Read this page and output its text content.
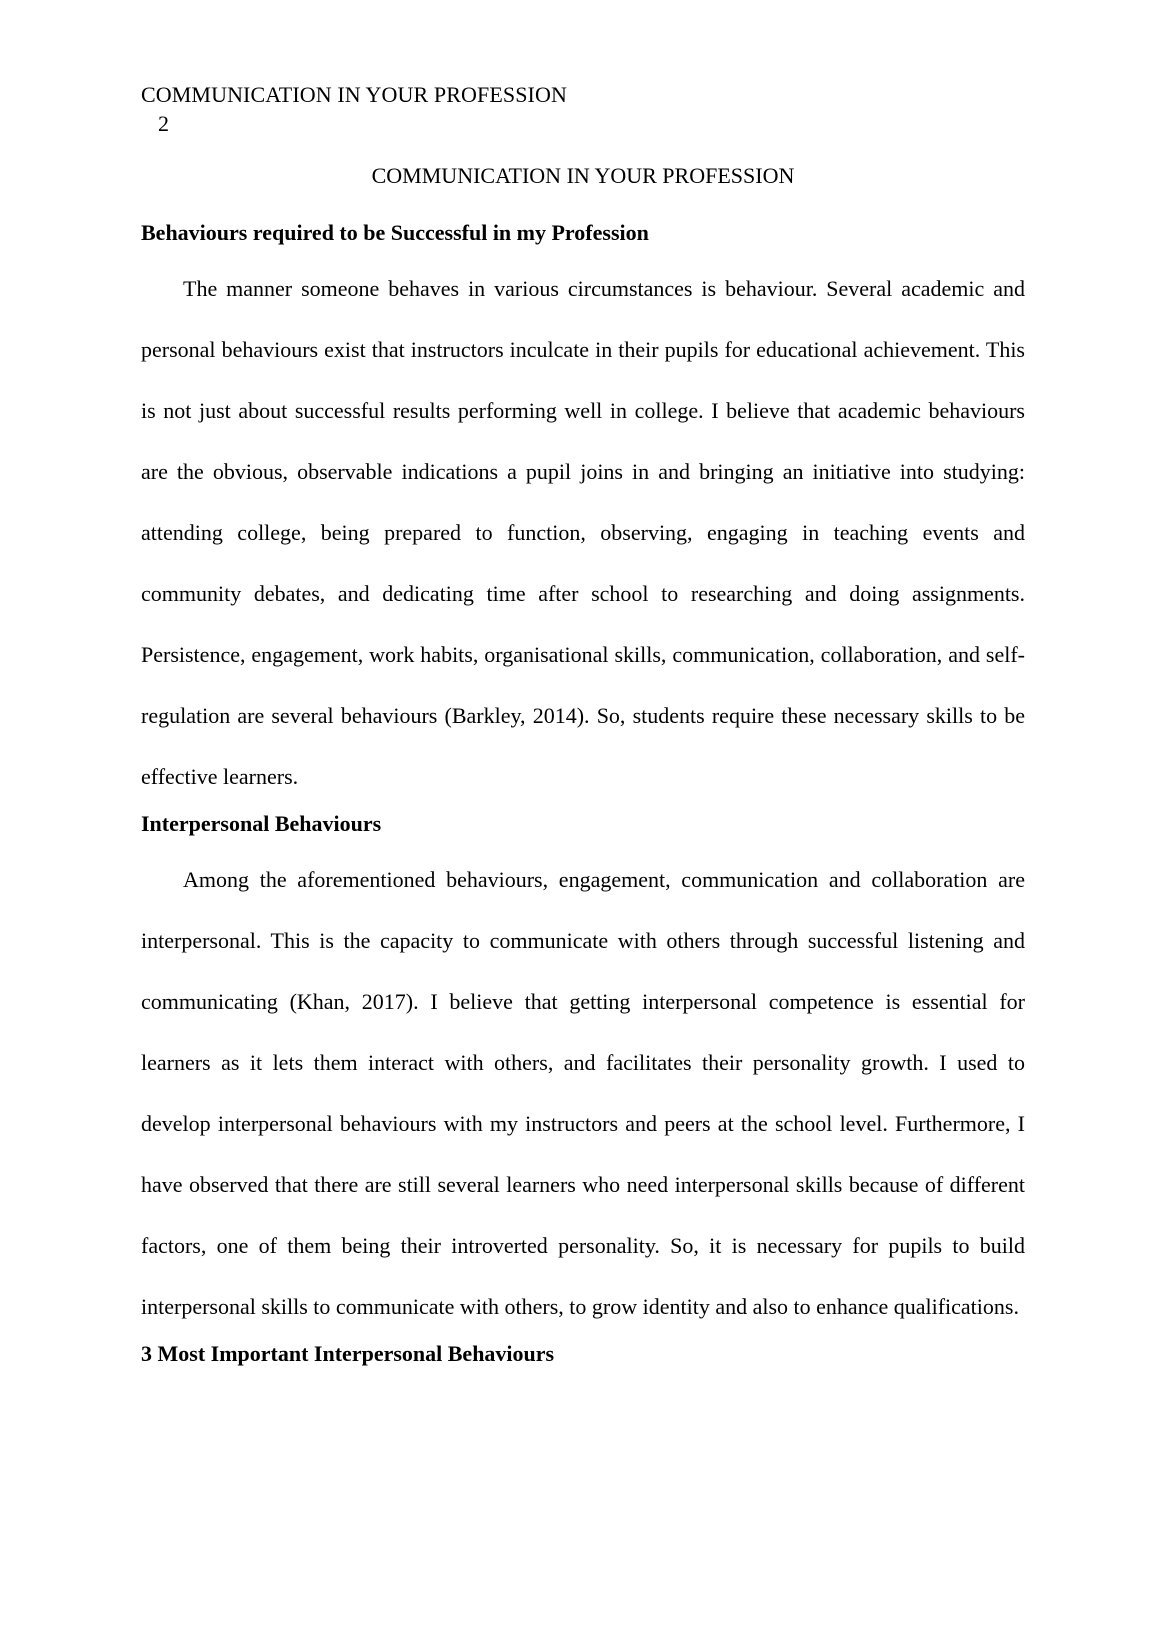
COMMUNICATION IN YOUR PROFESSION
2
COMMUNICATION IN YOUR PROFESSION
Behaviours required to be Successful in my Profession

The manner someone behaves in various circumstances is behaviour. Several academic and personal behaviours exist that instructors inculcate in their pupils for educational achievement. This is not just about successful results performing well in college. I believe that academic behaviours are the obvious, observable indications a pupil joins in and bringing an initiative into studying: attending college, being prepared to function, observing, engaging in teaching events and community debates, and dedicating time after school to researching and doing assignments. Persistence, engagement, work habits, organisational skills, communication, collaboration, and self-regulation are several behaviours (Barkley, 2014). So, students require these necessary skills to be effective learners.

Interpersonal Behaviours

Among the aforementioned behaviours, engagement, communication and collaboration are interpersonal. This is the capacity to communicate with others through successful listening and communicating (Khan, 2017). I believe that getting interpersonal competence is essential for learners as it lets them interact with others, and facilitates their personality growth. I used to develop interpersonal behaviours with my instructors and peers at the school level. Furthermore, I have observed that there are still several learners who need interpersonal skills because of different factors, one of them being their introverted personality. So, it is necessary for pupils to build interpersonal skills to communicate with others, to grow identity and also to enhance qualifications.

3 Most Important Interpersonal Behaviours
